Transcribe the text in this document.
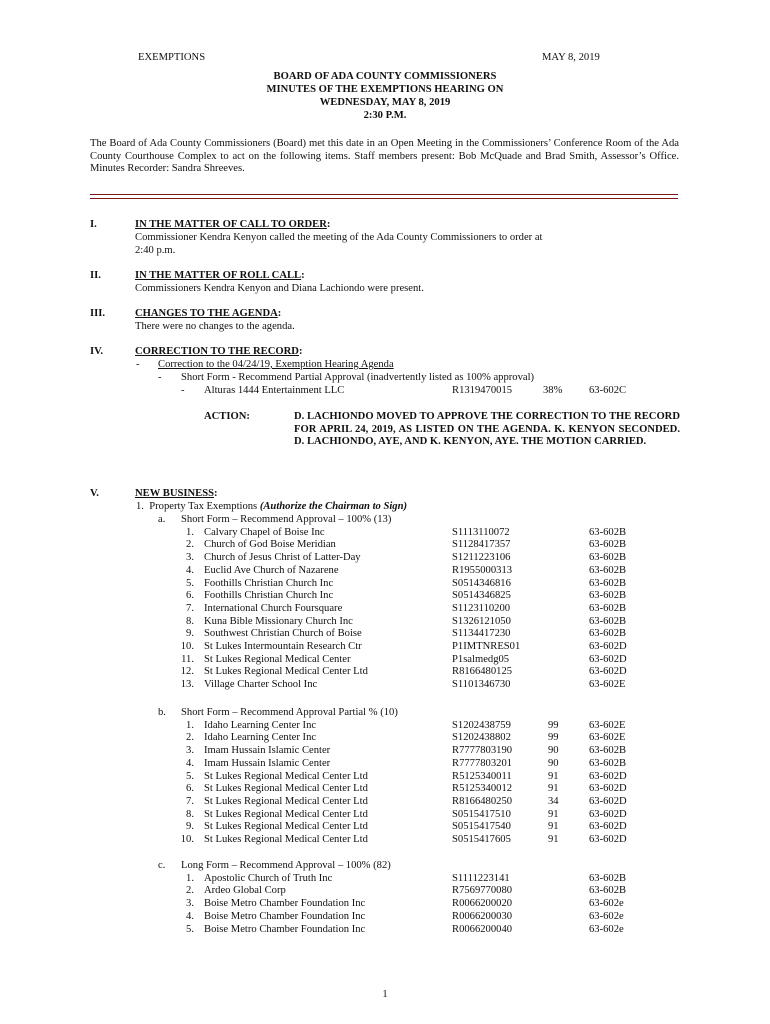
EXEMPTIONS	MAY 8, 2019
BOARD OF ADA COUNTY COMMISSIONERS
MINUTES OF THE EXEMPTIONS HEARING ON
WEDNESDAY, MAY 8, 2019
2:30 P.M.
The Board of Ada County Commissioners (Board) met this date in an Open Meeting in the Commissioners’ Conference Room of the Ada County Courthouse Complex to act on the following items. Staff members present: Bob McQuade and Brad Smith, Assessor’s Office. Minutes Recorder: Sandra Shreeves.
I.	IN THE MATTER OF CALL TO ORDER:
Commissioner Kendra Kenyon called the meeting of the Ada County Commissioners to order at
2:40 p.m.
II.	IN THE MATTER OF ROLL CALL:
Commissioners Kendra Kenyon and Diana Lachiondo were present.
III.	CHANGES TO THE AGENDA:
There were no changes to the agenda.
IV.	CORRECTION TO THE RECORD:
- Correction to the 04/24/19, Exemption Hearing Agenda
- Short Form - Recommend Partial Approval (inadvertently listed as 100% approval)
- Alturas 1444 Entertainment LLC	R1319470015	38%	63-602C
ACTION:	D. LACHIONDO MOVED TO APPROVE THE CORRECTION TO THE RECORD FOR APRIL 24, 2019, AS LISTED ON THE AGENDA. K. KENYON SECONDED. D. LACHIONDO, AYE, AND K. KENYON, AYE. THE MOTION CARRIED.
V.	NEW BUSINESS:
1.  Property Tax Exemptions (Authorize the Chairman to Sign)
a. Short Form – Recommend Approval – 100% (13)
1. Calvary Chapel of Boise Inc	S1113110072	63-602B
2. Church of God Boise Meridian	S1128417357	63-602B
3. Church of Jesus Christ of Latter-Day	S1211223106	63-602B
4. Euclid Ave Church of Nazarene	R1955000313	63-602B
5. Foothills Christian Church Inc	S0514346816	63-602B
6. Foothills Christian Church Inc	S0514346825	63-602B
7. International Church Foursquare	S1123110200	63-602B
8. Kuna Bible Missionary Church Inc	S1326121050	63-602B
9. Southwest Christian Church of Boise	S1134417230	63-602B
10. St Lukes Intermountain Research Ctr	P1IMTNRES01	63-602D
11. St Lukes Regional Medical Center	P1salmedg05	63-602D
12. St Lukes Regional Medical Center Ltd	R8166480125	63-602D
13. Village Charter School Inc	S1101346730	63-602E
b. Short Form – Recommend Approval Partial % (10)
1. Idaho Learning Center Inc	S1202438759	99	63-602E
2. Idaho Learning Center Inc	S1202438802	99	63-602E
3. Imam Hussain Islamic Center	R7777803190	90	63-602B
4. Imam Hussain Islamic Center	R7777803201	90	63-602B
5. St Lukes Regional Medical Center Ltd	R5125340011	91	63-602D
6. St Lukes Regional Medical Center Ltd	R5125340012	91	63-602D
7. St Lukes Regional Medical Center Ltd	R8166480250	34	63-602D
8. St Lukes Regional Medical Center Ltd	S0515417510	91	63-602D
9. St Lukes Regional Medical Center Ltd	S0515417540	91	63-602D
10. St Lukes Regional Medical Center Ltd	S0515417605	91	63-602D
c. Long Form – Recommend Approval – 100% (82)
1. Apostolic Church of Truth Inc	S1111223141	63-602B
2. Ardeo Global Corp	R7569770080	63-602B
3. Boise Metro Chamber Foundation Inc	R0066200020	63-602e
4. Boise Metro Chamber Foundation Inc	R0066200030	63-602e
5. Boise Metro Chamber Foundation Inc	R0066200040	63-602e
1
